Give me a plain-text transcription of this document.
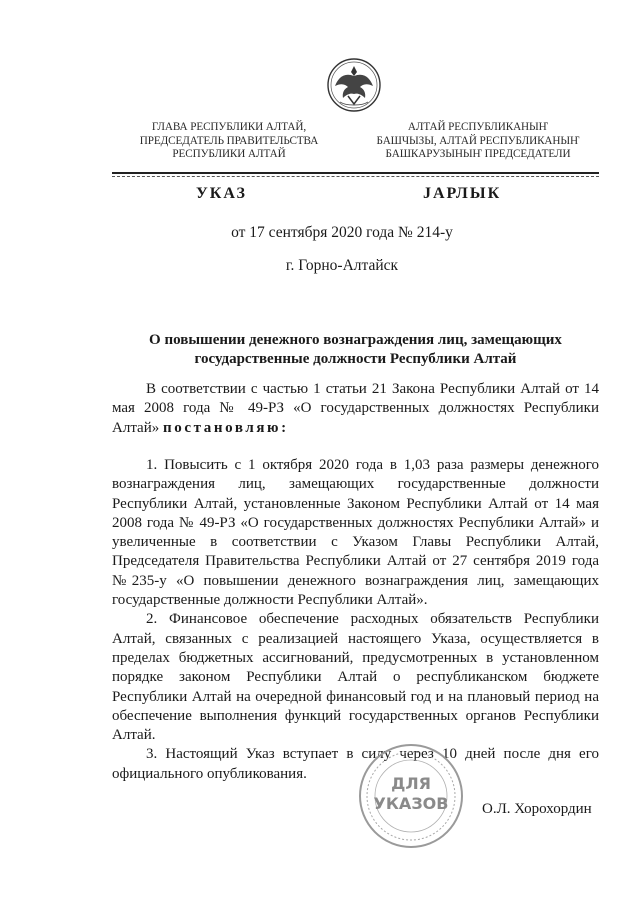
ГЛАВА РЕСПУБЛИКИ АЛТАЙ,
ПРЕДСЕДАТЕЛЬ ПРАВИТЕЛЬСТВА
РЕСПУБЛИКИ АЛТАЙ
АЛТАЙ РЕСПУБЛИКАНЫҤ
БАШЧЫЗЫ, АЛТАЙ РЕСПУБЛИКАНЫҤ
БАШКАРУЗЫНЫҤ ПРЕДСЕДАТЕЛИ
УКАЗ	JАРЛЫК
от 17 сентября 2020 года № 214-у
г. Горно-Алтайск
О повышении денежного вознаграждения лиц, замещающих
государственные должности Республики Алтай

В соответствии с частью 1 статьи 21 Закона Республики Алтай от 14 мая 2008 года № 49-РЗ «О государственных должностях Республики Алтай» постановляю:

1. Повысить с 1 октября 2020 года в 1,03 раза размеры денежного вознаграждения лиц, замещающих государственные должности Республики Алтай, установленные Законом Республики Алтай от 14 мая 2008 года № 49-РЗ «О государственных должностях Республики Алтай» и увеличенные в соответствии с Указом Главы Республики Алтай, Председателя Правительства Республики Алтай от 27 сентября 2019 года №235-у «О повышении денежного вознаграждения лиц, замещающих государственные должности Республики Алтай».

2. Финансовое обеспечение расходных обязательств Республики Алтай, связанных с реализацией настоящего Указа, осуществляется в пределах бюджетных ассигнований, предусмотренных в установленном порядке законом Республики Алтай о республиканском бюджете Республики Алтай на очередной финансовый год и на плановый период на обеспечение выполнения функций государственных органов Республики Алтай.

3. Настоящий Указ вступает в силу через 10 дней после дня его официального опубликования.

ДЛЯ
УКАЗОВ О.Л. Хорохордин
